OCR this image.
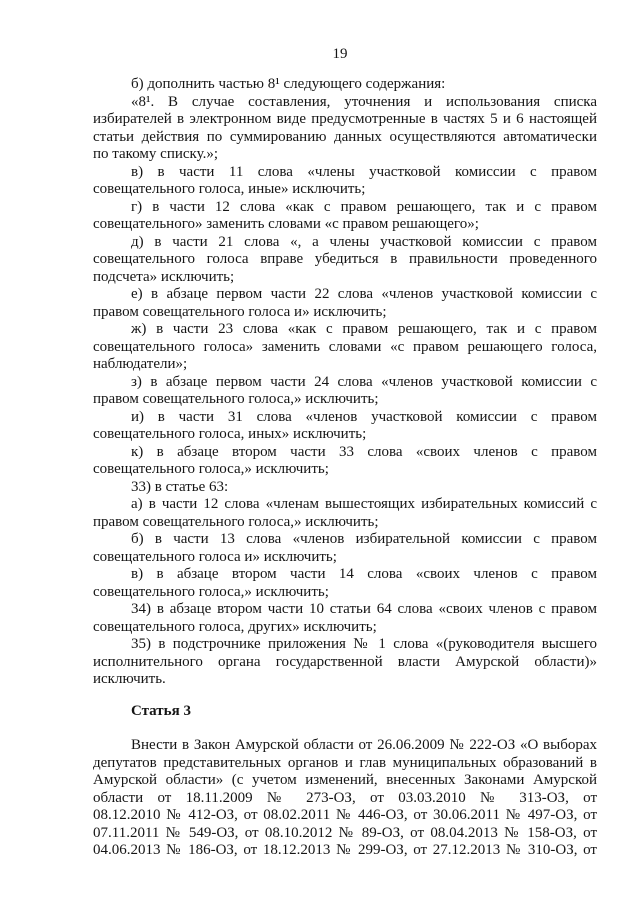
19
б) дополнить частью 8¹ следующего содержания:
«8¹. В случае составления, уточнения и использования списка
избирателей в электронном виде предусмотренные в частях 5 и 6 настоящей
статьи действия по суммированию данных осуществляются автоматически
по такому списку.»;
в) в части 11 слова «члены участковой комиссии с правом
совещательного голоса, иные» исключить;
г) в части 12 слова «как с правом решающего, так и с правом
совещательного» заменить словами «с правом решающего»;
д) в части 21 слова «, а члены участковой комиссии с правом
совещательного голоса вправе убедиться в правильности проведенного
подсчета» исключить;
е) в абзаце первом части 22 слова «членов участковой комиссии с
правом совещательного голоса и» исключить;
ж) в части 23 слова «как с правом решающего, так и с правом
совещательного голоса» заменить словами «с правом решающего голоса,
наблюдатели»;
з) в абзаце первом части 24 слова «членов участковой комиссии с
правом совещательного голоса,» исключить;
и) в части 31 слова «членов участковой комиссии с правом
совещательного голоса, иных» исключить;
к) в абзаце втором части 33 слова «своих членов с правом
совещательного голоса,» исключить;
33) в статье 63:
а) в части 12 слова «членам вышестоящих избирательных комиссий с
правом совещательного голоса,» исключить;
б) в части 13 слова «членов избирательной комиссии с правом
совещательного голоса и» исключить;
в) в абзаце втором части 14 слова «своих членов с правом
совещательного голоса,» исключить;
34) в абзаце втором части 10 статьи 64 слова «своих членов с правом
совещательного голоса, других» исключить;
35) в подстрочнике приложения № 1 слова «(руководителя высшего
исполнительного органа государственной власти Амурской области)»
исключить.
Статья 3
Внести в Закон Амурской области от 26.06.2009 № 222-ОЗ «О выборах
депутатов представительных органов и глав муниципальных образований в
Амурской области» (с учетом изменений, внесенных Законами Амурской
области от 18.11.2009 № 273-ОЗ, от 03.03.2010 № 313-ОЗ, от
08.12.2010 № 412-ОЗ, от 08.02.2011 № 446-ОЗ, от 30.06.2011 № 497-ОЗ, от
07.11.2011 № 549-ОЗ, от 08.10.2012 № 89-ОЗ, от 08.04.2013 № 158-ОЗ, от
04.06.2013 № 186-ОЗ, от 18.12.2013 № 299-ОЗ, от 27.12.2013 № 310-ОЗ, от
